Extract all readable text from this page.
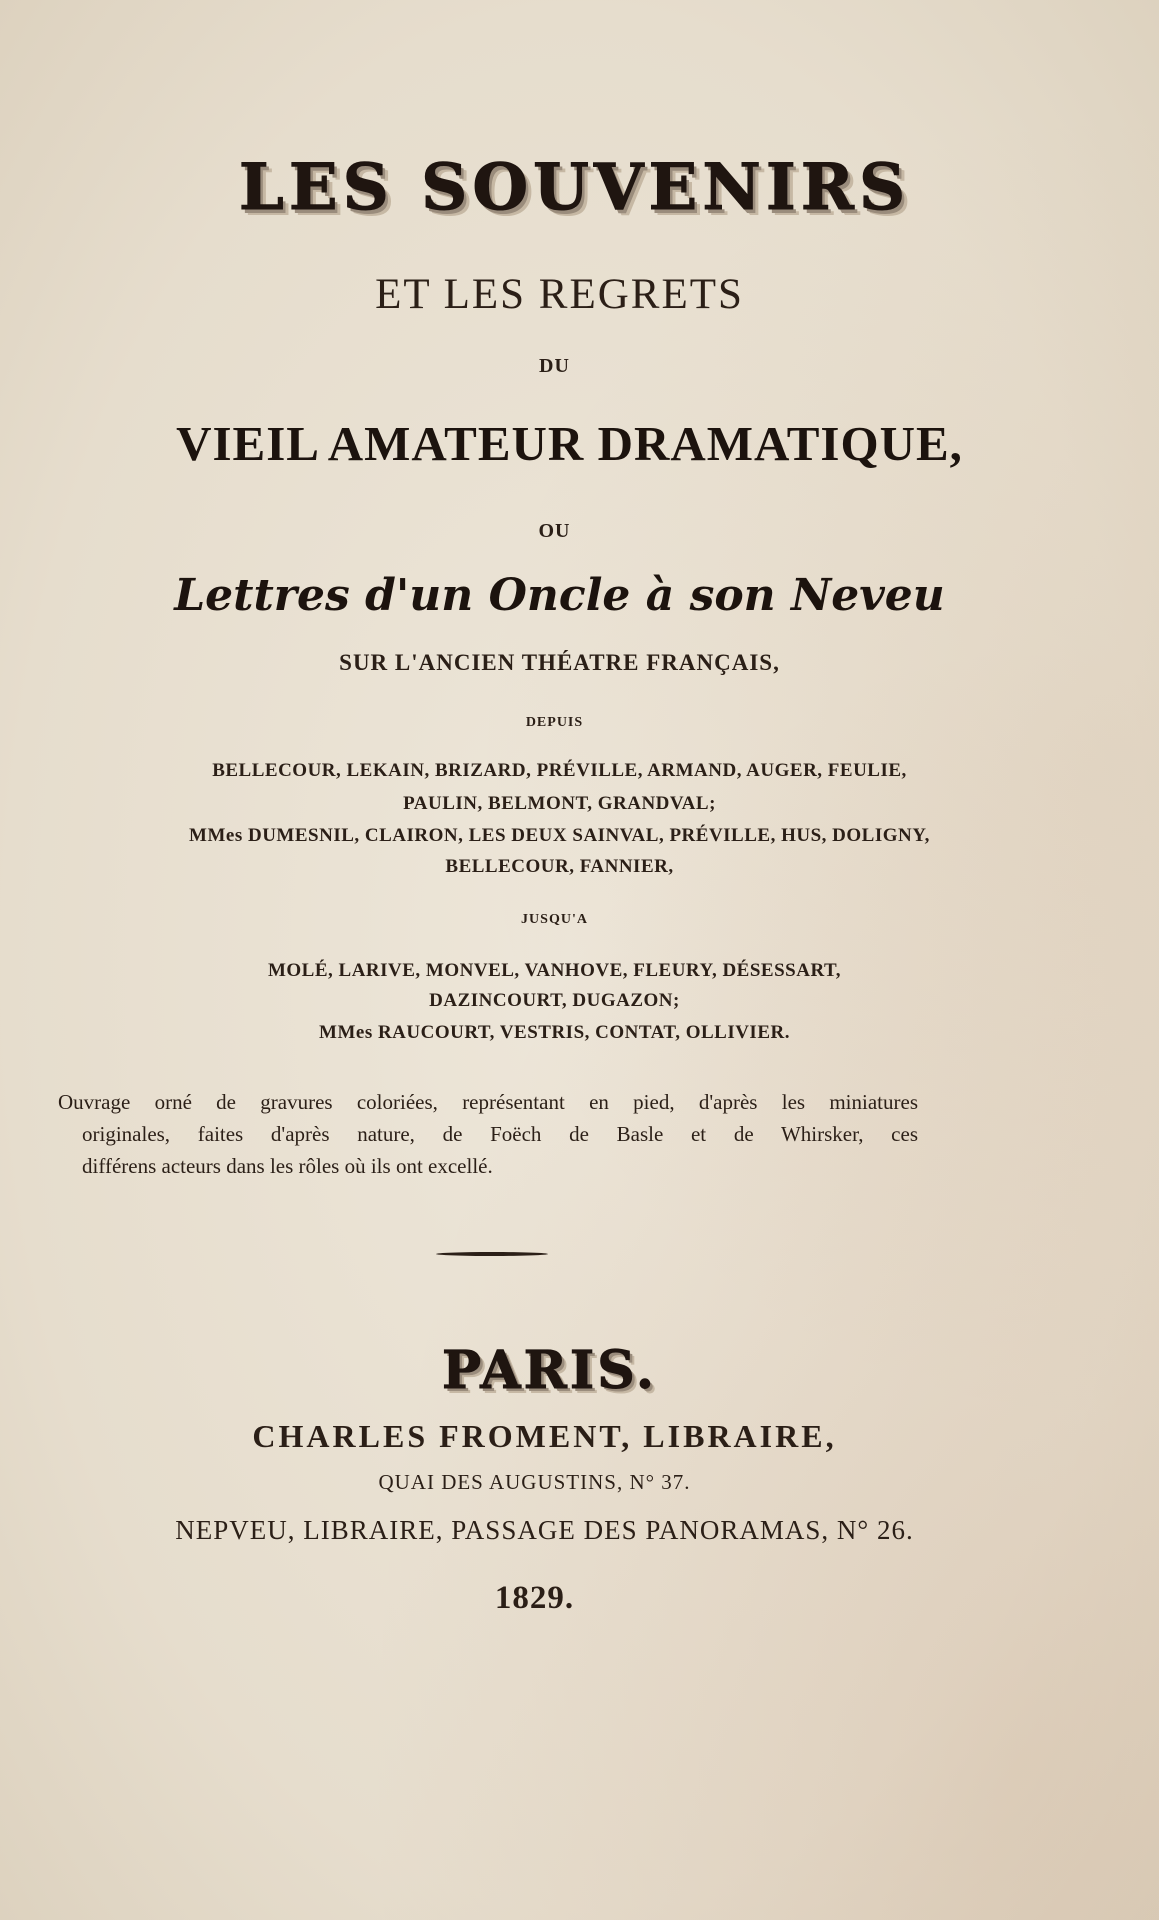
LES SOUVENIRS
ET LES REGRETS
DU
VIEIL AMATEUR DRAMATIQUE,
OU
Lettres d'un Oncle à son Neveu
SUR L'ANCIEN THÉATRE FRANÇAIS,
DEPUIS
BELLECOUR, LEKAIN, BRIZARD, PRÉVILLE, ARMAND, AUGER, FEULIE,
PAULIN, BELMONT, GRANDVAL;
MMes DUMESNIL, CLAIRON, LES DEUX SAINVAL, PRÉVILLE, HUS, DOLIGNY,
BELLECOUR, FANNIER,
JUSQU'A
MOLÉ, LARIVE, MONVEL, VANHOVE, FLEURY, DÉSESSART,
DAZINCOURT, DUGAZON;
MMes RAUCOURT, VESTRIS, CONTAT, OLLIVIER.
Ouvrage orné de gravures coloriées, représentant en pied, d'après les miniatures
originales, faites d'après nature, de Foëch de Basle et de Whirsker, ces
différens acteurs dans les rôles où ils ont excellé.
PARIS.
CHARLES FROMENT, LIBRAIRE,
QUAI DES AUGUSTINS, N° 37.
NEPVEU, LIBRAIRE, PASSAGE DES PANORAMAS, N° 26.
1829.
